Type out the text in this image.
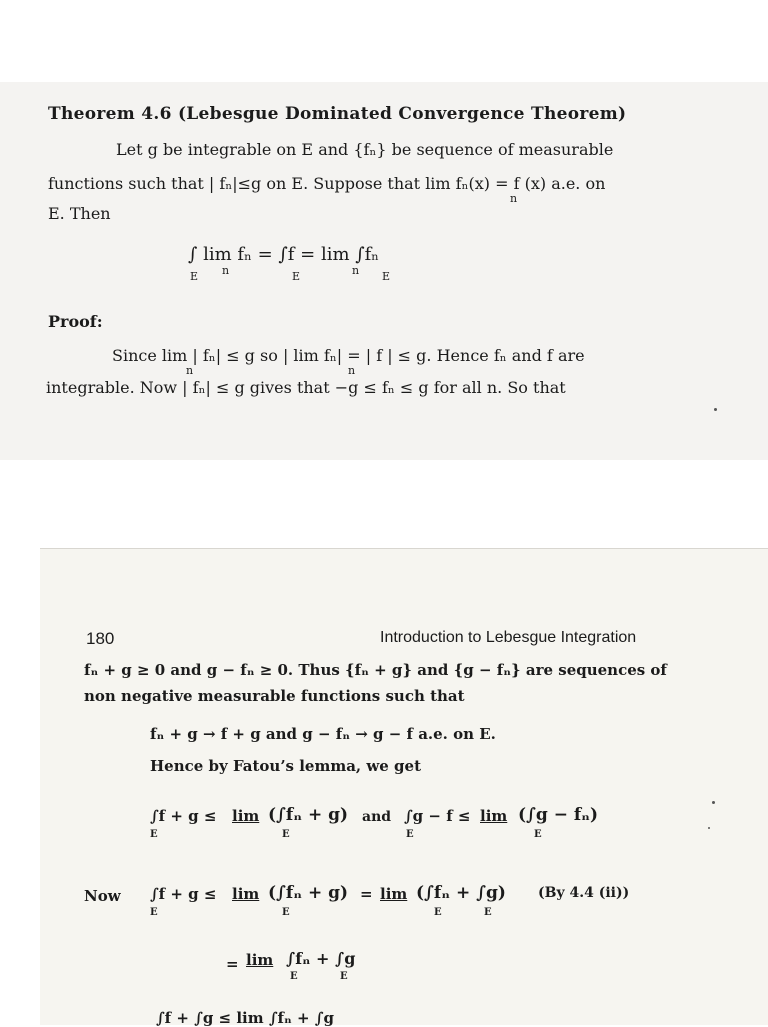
Theorem 4.6 (Lebesgue Dominated Convergence Theorem)
Let g be integrable on E and {fₙ} be sequence of measurable
functions such that | fₙ|≤g on E. Suppose that lim fₙ(x) = f (x) a.e. on
n
E. Then
∫ lim fₙ = ∫f = lim ∫fₙ
E n	E	n E
Proof:
Since lim | fₙ| ≤ g so | lim fₙ| = | f | ≤ g. Hence fₙ and f are
n	n
integrable. Now | fₙ| ≤ g gives that −g ≤ fₙ ≤ g for all n. So that
180	Introduction to Lebesgue Integration
fₙ + g ≥ 0 and g − fₙ ≥ 0. Thus {fₙ + g} and {g − fₙ} are sequences of
non negative measurable functions such that
fₙ + g → f + g and g − fₙ → g − f a.e. on E.
Hence by Fatou’s lemma, we get
∫f + g ≤
E
lim (∫fₙ + g)
E
and ∫g − f ≤
E
lim (∫g − fₙ)
E
Now ∫f + g ≤
E
lim (∫fₙ + g)
E
= lim (∫fₙ + ∫g)
E	E
(By 4.4 (ii))
= lim ∫fₙ + ∫g
E	E
∫f + ∫g ≤ lim ∫fₙ + ∫g
